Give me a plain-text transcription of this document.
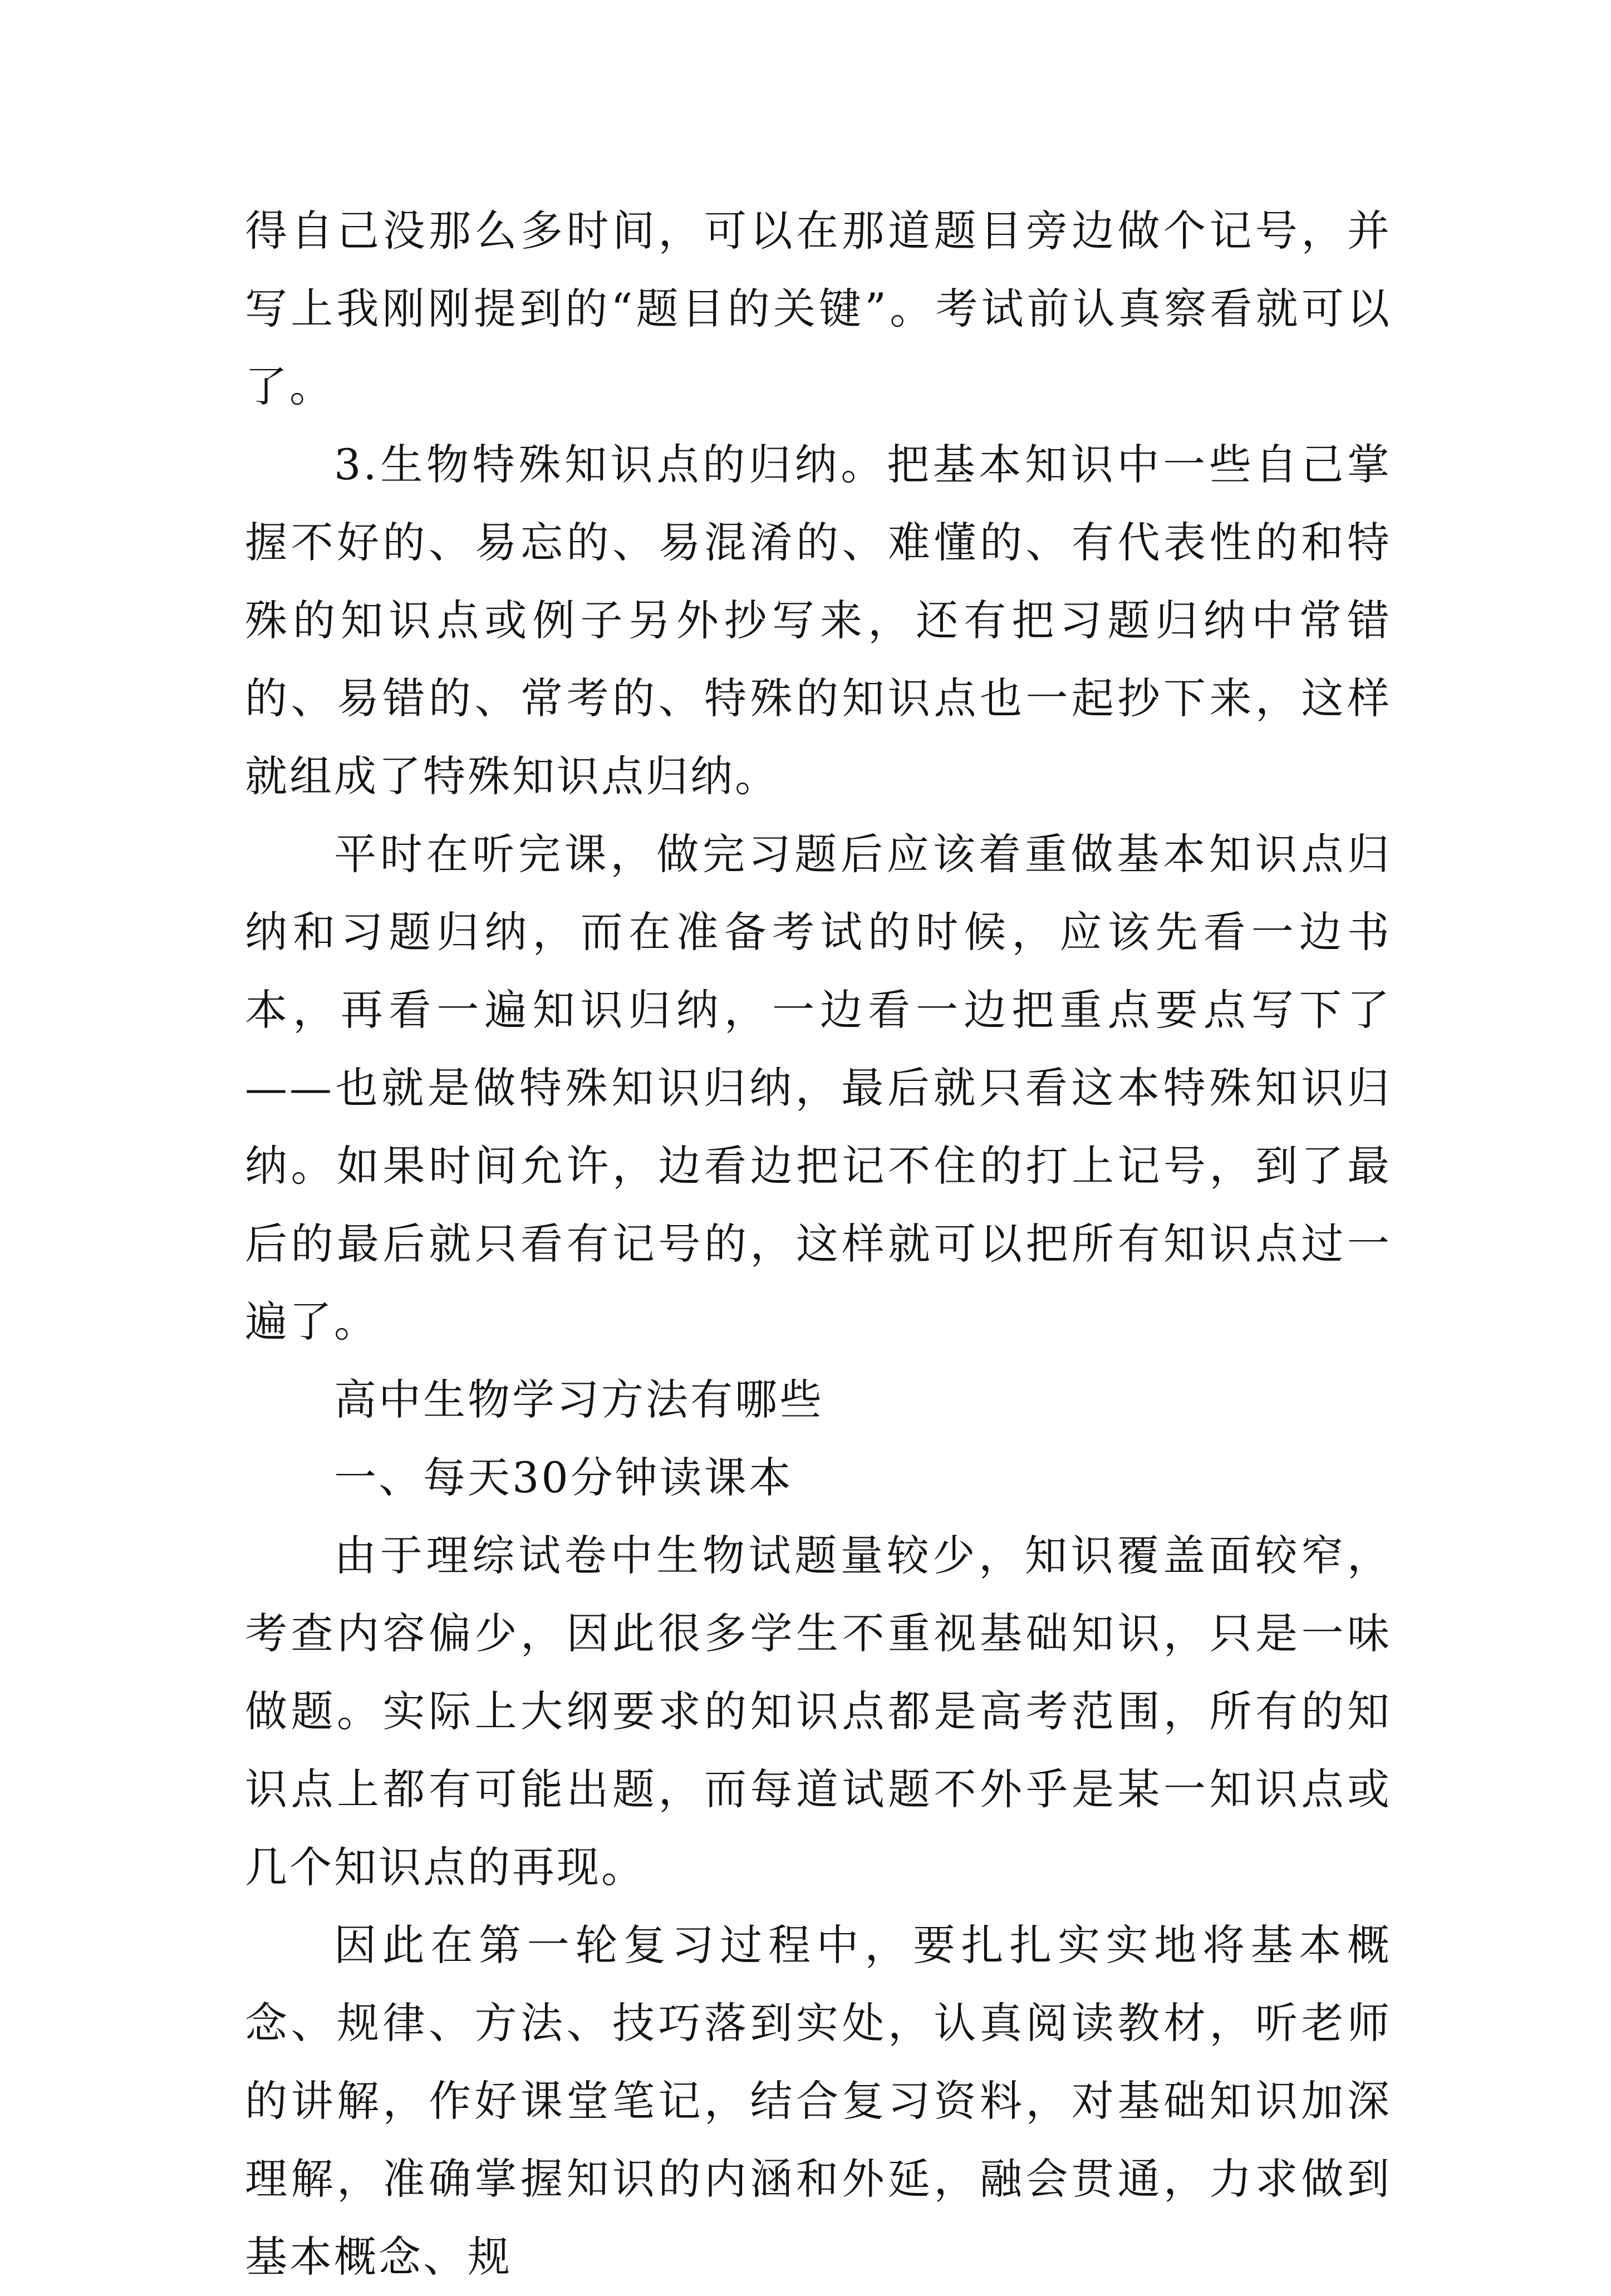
得自己没那么多时间，可以在那道题目旁边做个记号，并写上我刚刚提到的“题目的关键”。考试前认真察看就可以了。

3.生物特殊知识点的归纳。把基本知识中一些自己掌握不好的、易忘的、易混淆的、难懂的、有代表性的和特殊的知识点或例子另外抄写来，还有把习题归纳中常错的、易错的、常考的、特殊的知识点也一起抄下来，这样就组成了特殊知识点归纳。

平时在听完课，做完习题后应该着重做基本知识点归纳和习题归纳，而在准备考试的时候，应该先看一边书本，再看一遍知识归纳，一边看一边把重点要点写下了——也就是做特殊知识归纳，最后就只看这本特殊知识归纳。如果时间允许，边看边把记不住的打上记号，到了最后的最后就只看有记号的，这样就可以把所有知识点过一遍了。

高中生物学习方法有哪些

一、每天30分钟读课本

由于理综试卷中生物试题量较少，知识覆盖面较窄，考查内容偏少，因此很多学生不重视基础知识，只是一味做题。实际上大纲要求的知识点都是高考范围，所有的知识点上都有可能出题，而每道试题不外乎是某一知识点或几个知识点的再现。

因此在第一轮复习过程中，要扎扎实实地将基本概念、规律、方法、技巧落到实处，认真阅读教材，听老师的讲解，作好课堂笔记，结合复习资料，对基础知识加深理解，准确掌握知识的内涵和外延，融会贯通，力求做到基本概念、规
